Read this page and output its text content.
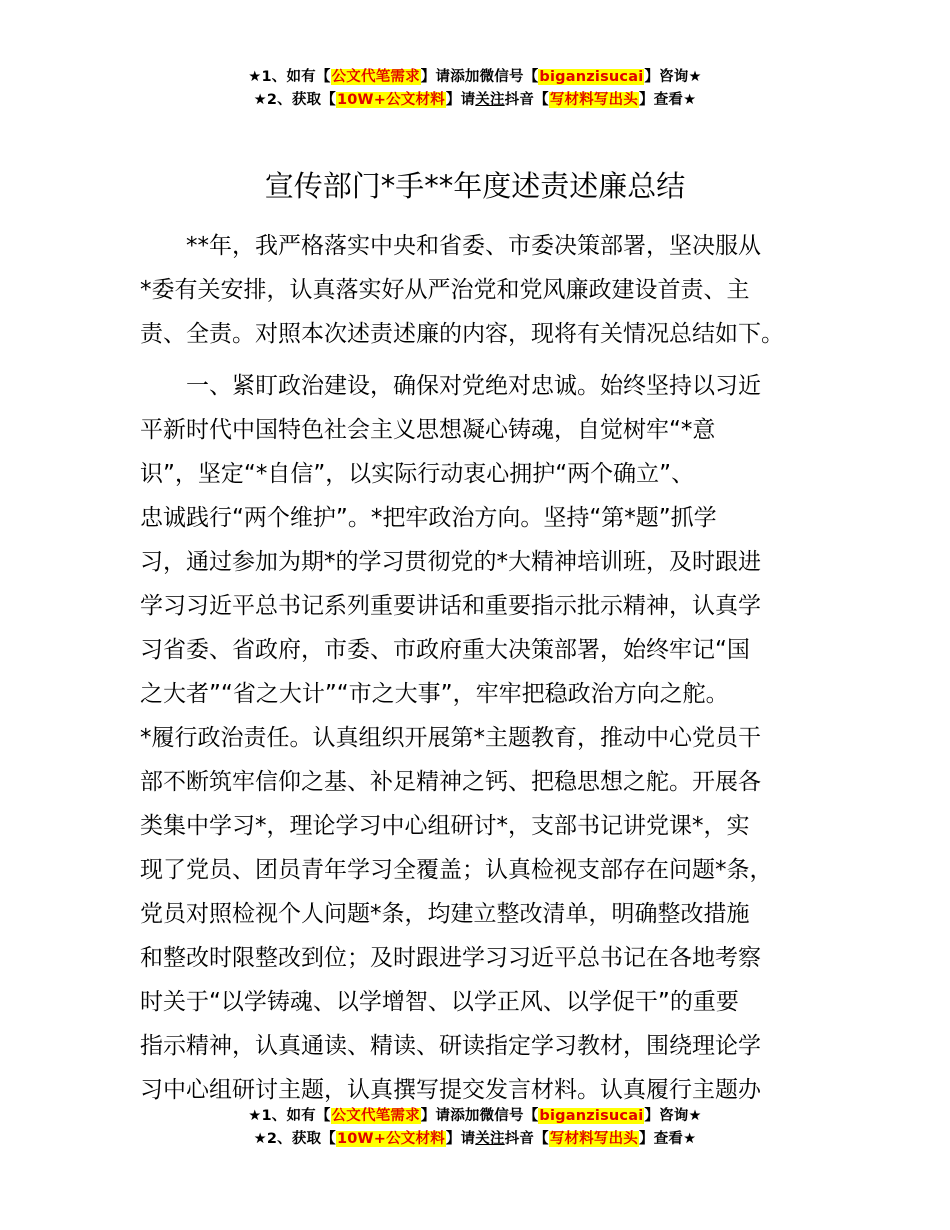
★1、如有【公文代笔需求】请添加微信号【biganzisucai】咨询★
★2、获取【10W+公文材料】请关注抖音【写材料写出头】查看★
宣传部门*手**年度述责述廉总结

**年，我严格落实中央和省委、市委决策部署，坚决服从
*委有关安排，认真落实好从严治党和党风廉政建设首责、主
责、全责。对照本次述责述廉的内容，现将有关情况总结如下。

一、紧盯政治建设，确保对党绝对忠诚。始终坚持以习近
平新时代中国特色社会主义思想凝心铸魂，自觉树牢“*意
识”，坚定“*自信”，以实际行动衷心拥护“两个确立”、
忠诚践行“两个维护”。*把牢政治方向。坚持“第*题”抓学
习，通过参加为期*的学习贯彻党的*大精神培训班，及时跟进
学习习近平总书记系列重要讲话和重要指示批示精神，认真学
习省委、省政府，市委、市政府重大决策部署，始终牢记“国
之大者”“省之大计”“市之大事”，牢牢把稳政治方向之舵。
*履行政治责任。认真组织开展第*主题教育，推动中心党员干
部不断筑牢信仰之基、补足精神之钙、把稳思想之舵。开展各
类集中学习*，理论学习中心组研讨*，支部书记讲党课*，实
现了党员、团员青年学习全覆盖；认真检视支部存在问题*条，
党员对照检视个人问题*条，均建立整改清单，明确整改措施
和整改时限整改到位；及时跟进学习习近平总书记在各地考察
时关于“以学铸魂、以学增智、以学正风、以学促干”的重要
指示精神，认真通读、精读、研读指定学习教材，围绕理论学
习中心组研讨主题，认真撰写提交发言材料。认真履行主题办

★1、如有【公文代笔需求】请添加微信号【biganzisucai】咨询★
★2、获取【10W+公文材料】请关注抖音【写材料写出头】查看★
